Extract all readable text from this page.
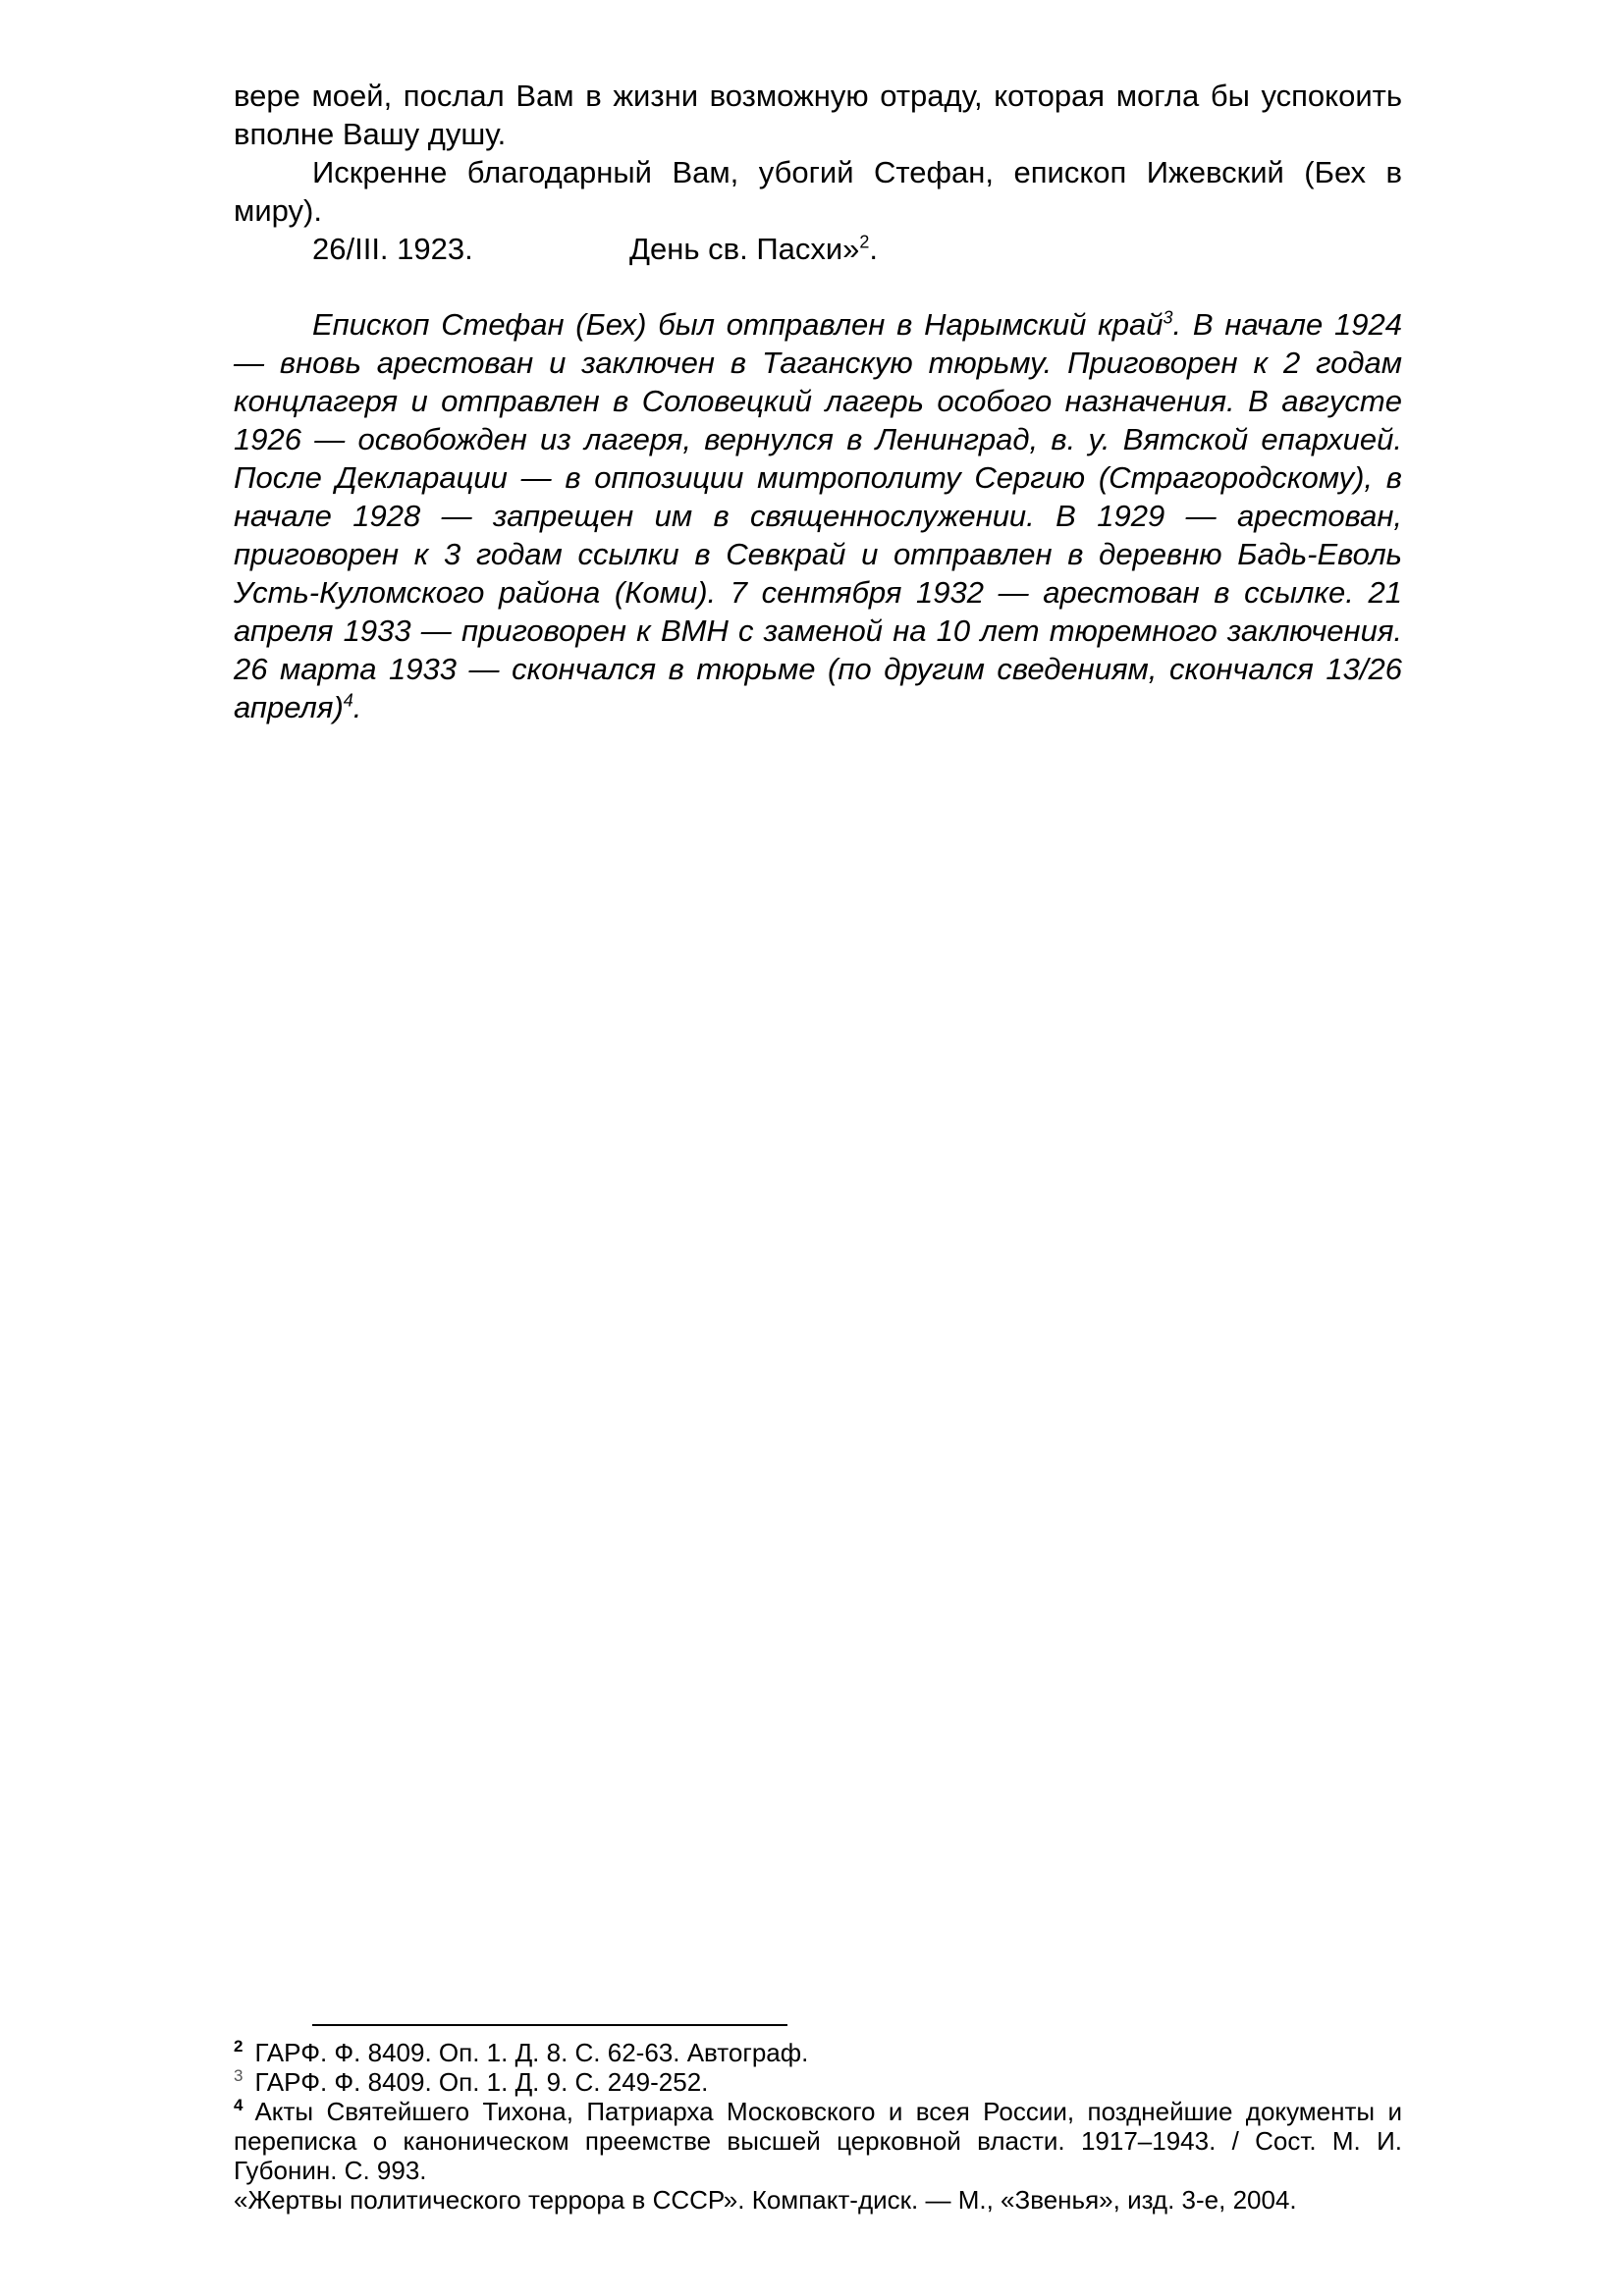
вере моей, послал Вам в жизни возможную отраду, которая могла бы успокоить вполне Вашу душу.

Искренне благодарный Вам, убогий Стефан, епископ Ижевский (Бех в миру).

26/III. 1923.	День св. Пасхи»$^2$.

Епископ Стефан (Бех) был отправлен в Нарымский край$^3$. В начале 1924 — вновь арестован и заключен в Таганскую тюрьму. Приговорен к 2 годам концлагеря и отправлен в Соловецкий лагерь особого назначения. В августе 1926 — освобожден из лагеря, вернулся в Ленинград, в. у. Вятской епархией. После Декларации — в оппозиции митрополиту Сергию (Страгородскому), в начале 1928 — запрещен им в священнослужении. В 1929 — арестован, приговорен к 3 годам ссылки в Севкрай и отправлен в деревню Бадь-Еволь Усть-Куломского района (Коми). 7 сентября 1932 — арестован в ссылке. 21 апреля 1933 — приговорен к ВМН с заменой на 10 лет тюремного заключения. 26 марта 1933 — скончался в тюрьме (по другим сведениям, скончался 13/26 апреля)$^4$.

$^2$ ГАРФ. Ф. 8409. Оп. 1. Д. 8. С. 62-63. Автограф.

$^3$ ГАРФ. Ф. 8409. Оп. 1. Д. 9. С. 249-252.

$^4$ Акты Святейшего Тихона, Патриарха Московского и всея России, позднейшие документы и переписка о каноническом преемстве высшей церковной власти. 1917–1943. / Сост. М. И. Губонин. С. 993.

«Жертвы политического террора в СССР». Компакт-диск. — М., «Звенья», изд. 3-е, 2004.
